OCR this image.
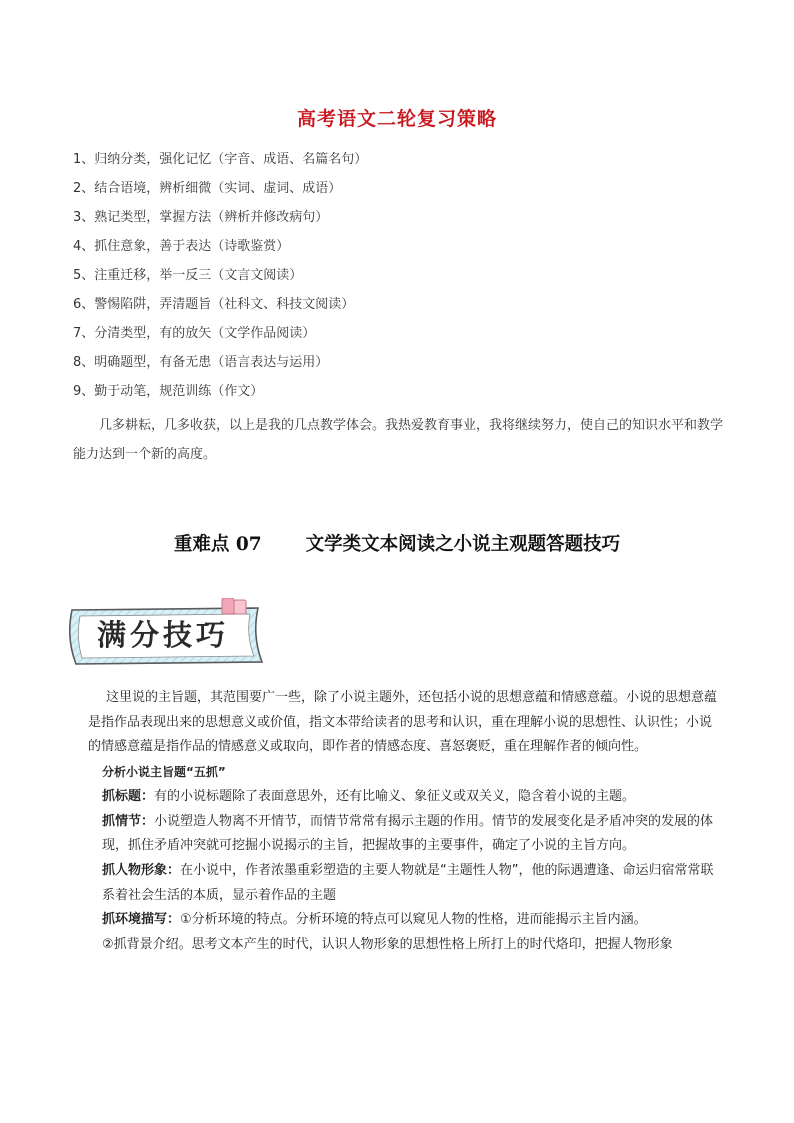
高考语文二轮复习策略
1、归纳分类，强化记忆（字音、成语、名篇名句）
2、结合语境，辨析细微（实词、虚词、成语）
3、熟记类型，掌握方法（辨析并修改病句）
4、抓住意象，善于表达（诗歌鉴赏）
5、注重迁移，举一反三（文言文阅读）
6、警惕陷阱，弄清题旨（社科文、科技文阅读）
7、分清类型，有的放矢（文学作品阅读）
8、明确题型，有备无患（语言表达与运用）
9、勤于动笔，规范训练（作文）

几多耕耘，几多收获，以上是我的几点教学体会。我热爱教育事业，我将继续努力，使自己的知识水平和教学能力达到一个新的高度。

重难点 07 文学类文本阅读之小说主观题答题技巧
满分技巧

这里说的主旨题，其范围要广一些，除了小说主题外，还包括小说的思想意蕴和情感意蕴。小说的思想意蕴是指作品表现出来的思想意义或价值，指文本带给读者的思考和认识，重在理解小说的思想性、认识性；小说的情感意蕴是指作品的情感意义或取向，即作者的情感态度、喜怒褒贬，重在理解作者的倾向性。

分析小说主旨题“五抓”

抓标题：有的小说标题除了表面意思外，还有比喻义、象征义或双关义，隐含着小说的主题。

抓情节：小说塑造人物离不开情节，而情节常常有揭示主题的作用。情节的发展变化是矛盾冲突的发展的体现，抓住矛盾冲突就可挖掘小说揭示的主旨，把握故事的主要事件，确定了小说的主旨方向。

抓人物形象：在小说中，作者浓墨重彩塑造的主要人物就是“主题性人物”，他的际遇遭逢、命运归宿常常联系着社会生活的本质，显示着作品的主题

抓环境描写：①分析环境的特点。分析环境的特点可以窥见人物的性格，进而能揭示主旨内涵。

②抓背景介绍。思考文本产生的时代，认识人物形象的思想性格上所打上的时代烙印，把握人物形象
